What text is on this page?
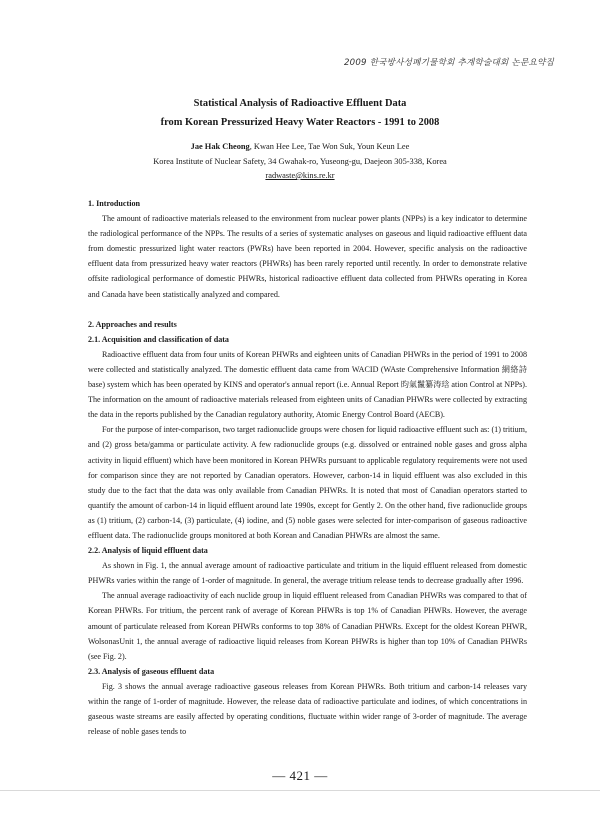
2009 한국방사성폐기물학회 추계학술대회 논문요약집
Statistical Analysis of Radioactive Effluent Data
from Korean Pressurized Heavy Water Reactors - 1991 to 2008
Jae Hak Cheong, Kwan Hee Lee, Tae Won Suk, Youn Keun Lee
Korea Institute of Nuclear Safety, 34 Gwahak-ro, Yuseong-gu, Daejeon 305-338, Korea
radwaste@kins.re.kr
1. Introduction

The amount of radioactive materials released to the environment from nuclear power plants (NPPs) is a key indicator to determine the radiological performance of the NPPs. The results of a series of systematic analyses on gaseous and liquid radioactive effluent data from domestic pressurized light water reactors (PWRs) have been reported in 2004. However, specific analysis on the radioactive effluent data from pressurized heavy water reactors (PHWRs) has been rarely reported until recently. In order to demonstrate relative offsite radiological performance of domestic PHWRs, historical radioactive effluent data collected from PHWRs operating in Korea and Canada have been statistically analyzed and compared.

2. Approaches and results
2.1. Acquisition and classification of data

Radioactive effluent data from four units of Korean PHWRs and eighteen units of Canadian PHWRs in the period of 1991 to 2008 were collected and statistically analyzed. The domestic effluent data came from WACID (WAste Comprehensive Information 網絡詩 base) system which has been operated by KINS and operator's annual report (i.e. Annual Report 昀氣鬣纂涛琀 ation Control at NPPs). The information on the amount of radioactive materials released from eighteen units of Canadian PHWRs were collected by extracting the data in the reports published by the Canadian regulatory authority, Atomic Energy Control Board (AECB).

For the purpose of inter-comparison, two target radionuclide groups were chosen for liquid radioactive effluent such as: (1) tritium, and (2) gross beta/gamma or particulate activity. A few radionuclide groups (e.g. dissolved or entrained noble gases and gross alpha activity in liquid effluent) which have been monitored in Korean PHWRs pursuant to applicable regulatory requirements were not used for comparison since they are not reported by Canadian operators. However, carbon-14 in liquid effluent was also excluded in this study due to the fact that the data was only available from Canadian PHWRs. It is noted that most of Canadian operators started to quantify the amount of carbon-14 in liquid effluent around late 1990s, except for Gently 2. On the other hand, five radionuclide groups as (1) tritium, (2) carbon-14, (3) particulate, (4) iodine, and (5) noble gases were selected for inter-comparison of gaseous radioactive effluent data. The radionuclide groups monitored at both Korean and Canadian PHWRs are almost the same.

2.2. Analysis of liquid effluent data

As shown in Fig. 1, the annual average amount of radioactive particulate and tritium in the liquid effluent released from domestic PHWRs varies within the range of 1-order of magnitude. In general, the average tritium release tends to decrease gradually after 1996.

The annual average radioactivity of each nuclide group in liquid effluent released from Canadian PHWRs was compared to that of Korean PHWRs. For tritium, the percent rank of average of Korean PHWRs is top 1% of Canadian PHWRs. However, the average amount of particulate released from Korean PHWRs conforms to top 38% of Canadian PHWRs. Except for the oldest Korean PHWR, WolsonasUnit 1, the annual average of radioactive liquid releases from Korean PHWRs is higher than top 10% of Canadian PHWRs (see Fig. 2).

2.3. Analysis of gaseous effluent data

Fig. 3 shows the annual average radioactive gaseous releases from Korean PHWRs. Both tritium and carbon-14 releases vary within the range of 1-order of magnitude. However, the release data of radioactive particulate and iodines, of which concentrations in gaseous waste streams are easily affected by operating conditions, fluctuate within wider range of 3-order of magnitude. The average release of noble gases tends to

— 421 —
